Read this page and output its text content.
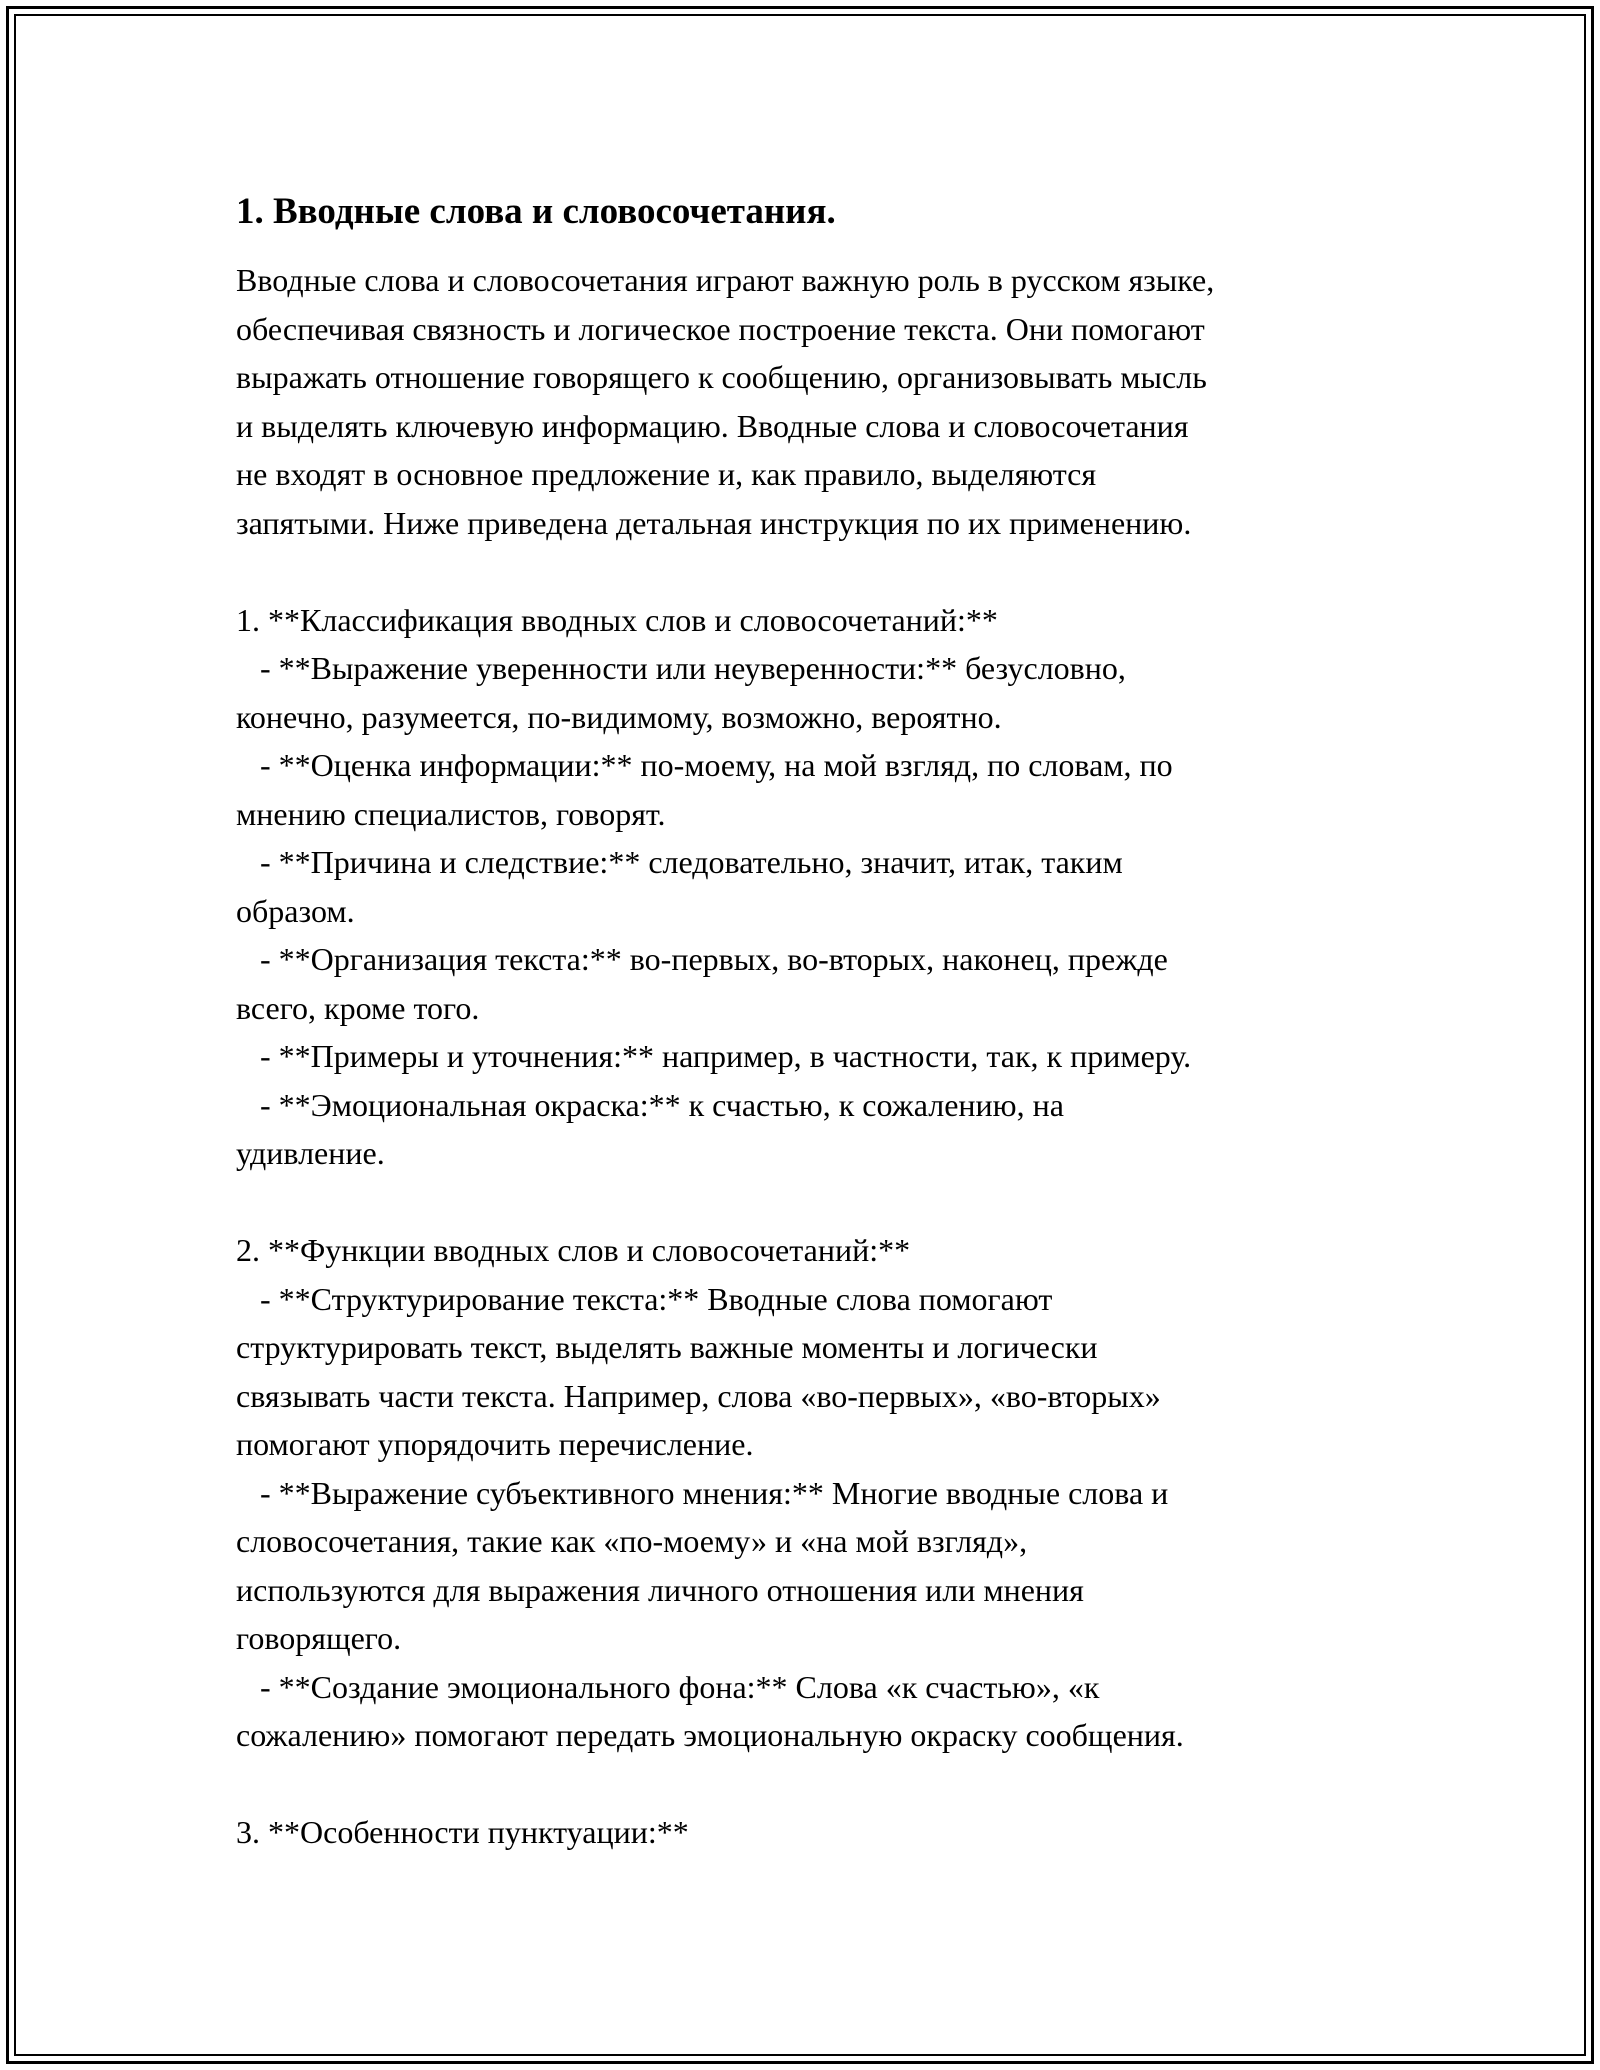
1. Вводные слова и словосочетания.
Вводные слова и словосочетания играют важную роль в русском языке,
обеспечивая связность и логическое построение текста. Они помогают
выражать отношение говорящего к сообщению, организовывать мысль
и выделять ключевую информацию. Вводные слова и словосочетания
не входят в основное предложение и, как правило, выделяются
запятыми. Ниже приведена детальная инструкция по их применению.
1. **Классификация вводных слов и словосочетаний:**
- **Выражение уверенности или неуверенности:** безусловно,
конечно, разумеется, по-видимому, возможно, вероятно.
- **Оценка информации:** по-моему, на мой взгляд, по словам, по
мнению специалистов, говорят.
- **Причина и следствие:** следовательно, значит, итак, таким
образом.
- **Организация текста:** во-первых, во-вторых, наконец, прежде
всего, кроме того.
- **Примеры и уточнения:** например, в частности, так, к примеру.
- **Эмоциональная окраска:** к счастью, к сожалению, на
удивление.
2. **Функции вводных слов и словосочетаний:**
- **Структурирование текста:** Вводные слова помогают
структурировать текст, выделять важные моменты и логически
связывать части текста. Например, слова «во-первых», «во-вторых»
помогают упорядочить перечисление.
- **Выражение субъективного мнения:** Многие вводные слова и
словосочетания, такие как «по-моему» и «на мой взгляд»,
используются для выражения личного отношения или мнения
говорящего.
- **Создание эмоционального фона:** Слова «к счастью», «к
сожалению» помогают передать эмоциональную окраску сообщения.
3. **Особенности пунктуации:**
